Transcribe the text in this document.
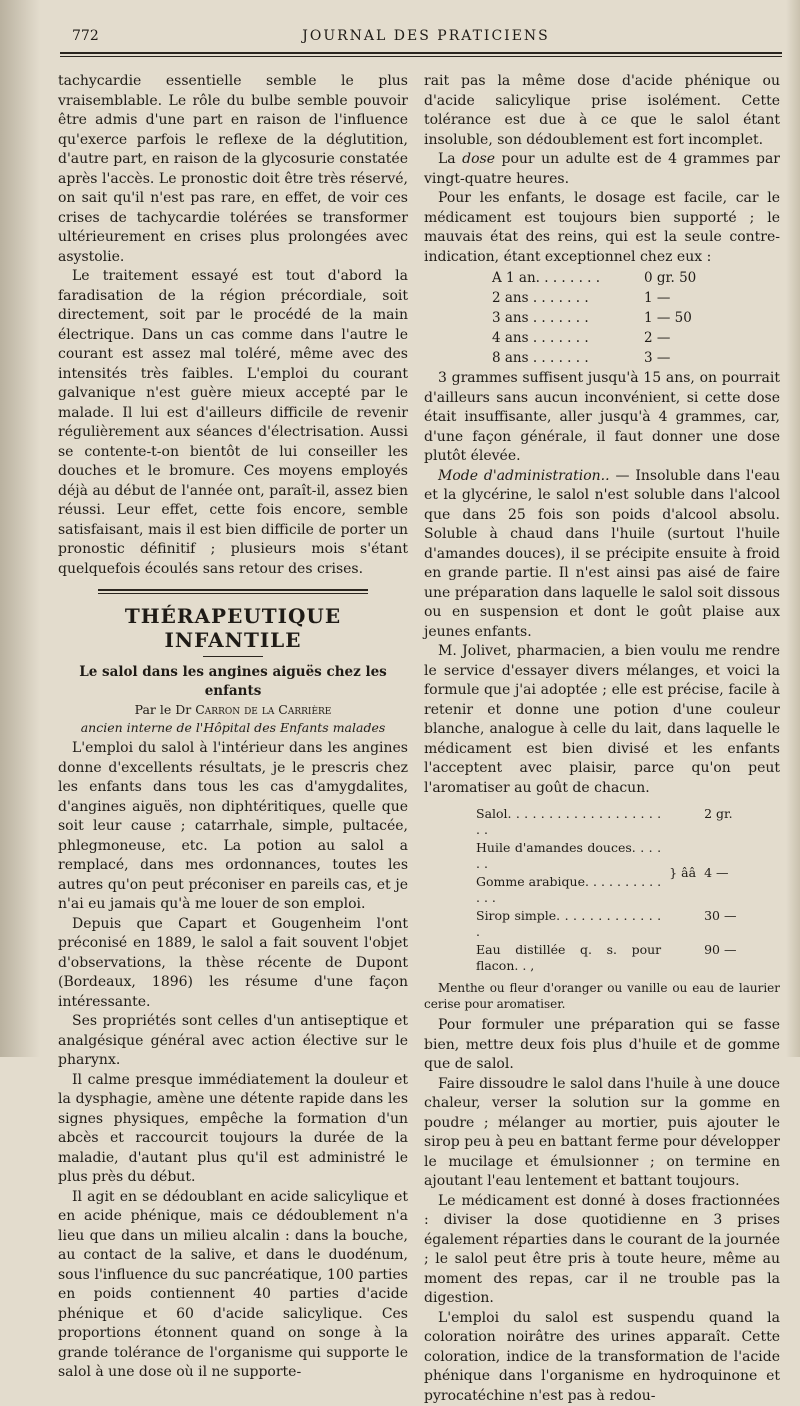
772	JOURNAL DES PRATICIENS

tachycardie essentielle semble le plus vraisemblable. Le rôle du bulbe semble pouvoir être admis d'une part en raison de l'influence qu'exerce parfois le reflexe de la déglutition, d'autre part, en raison de la glycosurie constatée après l'accès. Le pronostic doit être très réservé, on sait qu'il n'est pas rare, en effet, de voir ces crises de tachycardie tolérées se transformer ultérieurement en crises plus prolongées avec asystolie.

Le traitement essayé est tout d'abord la faradisation de la région précordiale, soit directement, soit par le procédé de la main électrique. Dans un cas comme dans l'autre le courant est assez mal toléré, même avec des intensités très faibles. L'emploi du courant galvanique n'est guère mieux accepté par le malade. Il lui est d'ailleurs difficile de revenir régulièrement aux séances d'électrisation. Aussi se contente-t-on bientôt de lui conseiller les douches et le bromure. Ces moyens employés déjà au début de l'année ont, paraît-il, assez bien réussi. Leur effet, cette fois encore, semble satisfaisant, mais il est bien difficile de porter un pronostic définitif ; plusieurs mois s'étant quelquefois écoulés sans retour des crises.

THÉRAPEUTIQUE INFANTILE
Le salol dans les angines aiguës chez les enfants
Par le Dr Carron de la Carrière
ancien interne de l'Hôpital des Enfants malades

L'emploi du salol à l'intérieur dans les angines donne d'excellents résultats, je le prescris chez les enfants dans tous les cas d'amygdalites, d'angines aiguës, non diphtéritiques, quelle que soit leur cause ; catarrhale, simple, pultacée, phlegmoneuse, etc. La potion au salol a remplacé, dans mes ordonnances, toutes les autres qu'on peut préconiser en pareils cas, et je n'ai eu jamais qu'à me louer de son emploi.

Depuis que Capart et Gougenheim l'ont préconisé en 1889, le salol a fait souvent l'objet d'observations, la thèse récente de Dupont (Bordeaux, 1896) les résume d'une façon intéressante.

Ses propriétés sont celles d'un antiseptique et analgésique général avec action élective sur le pharynx.

Il calme presque immédiatement la douleur et la dysphagie, amène une détente rapide dans les signes physiques, empêche la formation d'un abcès et raccourcit toujours la durée de la maladie, d'autant plus qu'il est administré le plus près du début.

Il agit en se dédoublant en acide salicylique et en acide phénique, mais ce dédoublement n'a lieu que dans un milieu alcalin : dans la bouche, au contact de la salive, et dans le duodénum, sous l'influence du suc pancréatique, 100 parties en poids contiennent 40 parties d'acide phénique et 60 d'acide salicylique. Ces proportions étonnent quand on songe à la grande tolérance de l'organisme qui supporte le salol à une dose où il ne supporte-

rait pas la même dose d'acide phénique ou d'acide salicylique prise isolément. Cette tolérance est due à ce que le salol étant insoluble, son dédoublement est fort incomplet.

La dose pour un adulte est de 4 grammes par vingt-quatre heures.

Pour les enfants, le dosage est facile, car le médicament est toujours bien supporté ; le mauvais état des reins, qui est la seule contre-indication, étant exceptionnel chez eux :

A 1 an. . . . . . . .	0 gr. 50
2 ans . . . . . . .	1 —
3 ans . . . . . . .	1 — 50
4 ans . . . . . . .	2 —
8 ans . . . . . . .	3 —

3 grammes suffisent jusqu'à 15 ans, on pourrait d'ailleurs sans aucun inconvénient, si cette dose était insuffisante, aller jusqu'à 4 grammes, car, d'une façon générale, il faut donner une dose plutôt élevée.

Mode d'administration.. — Insoluble dans l'eau et la glycérine, le salol n'est soluble dans l'alcool que dans 25 fois son poids d'alcool absolu. Soluble à chaud dans l'huile (surtout l'huile d'amandes douces), il se précipite ensuite à froid en grande partie. Il n'est ainsi pas aisé de faire une préparation dans laquelle le salol soit dissous ou en suspension et dont le goût plaise aux jeunes enfants.

M. Jolivet, pharmacien, a bien voulu me rendre le service d'essayer divers mélanges, et voici la formule que j'ai adoptée ; elle est précise, facile à retenir et donne une potion d'une couleur blanche, analogue à celle du lait, dans laquelle le médicament est bien divisé et les enfants l'acceptent avec plaisir, parce qu'on peut l'aromatiser au goût de chacun.

Salol. . . . . . . . . . . . . . . . . . . . .		2 gr.
Huile d'amandes douces. . . . . .	} ââ	4 —
Gomme arabique. . . . . . . . . . . . .		
Sirop simple. . . . . . . . . . . . . .		30 —
Eau distillée q. s. pour flacon. . ,		90 —

Menthe ou fleur d'oranger ou vanille ou eau de laurier cerise pour aromatiser.

Pour formuler une préparation qui se fasse bien, mettre deux fois plus d'huile et de gomme que de salol.

Faire dissoudre le salol dans l'huile à une douce chaleur, verser la solution sur la gomme en poudre ; mélanger au mortier, puis ajouter le sirop peu à peu en battant ferme pour développer le mucilage et émulsionner ; on termine en ajoutant l'eau lentement et battant toujours.

Le médicament est donné à doses fractionnées : diviser la dose quotidienne en 3 prises également réparties dans le courant de la journée ; le salol peut être pris à toute heure, même au moment des repas, car il ne trouble pas la digestion.

L'emploi du salol est suspendu quand la coloration noirâtre des urines apparaît. Cette coloration, indice de la transformation de l'acide phénique dans l'organisme en hydroquinone et pyrocatéchine n'est pas à redou-
